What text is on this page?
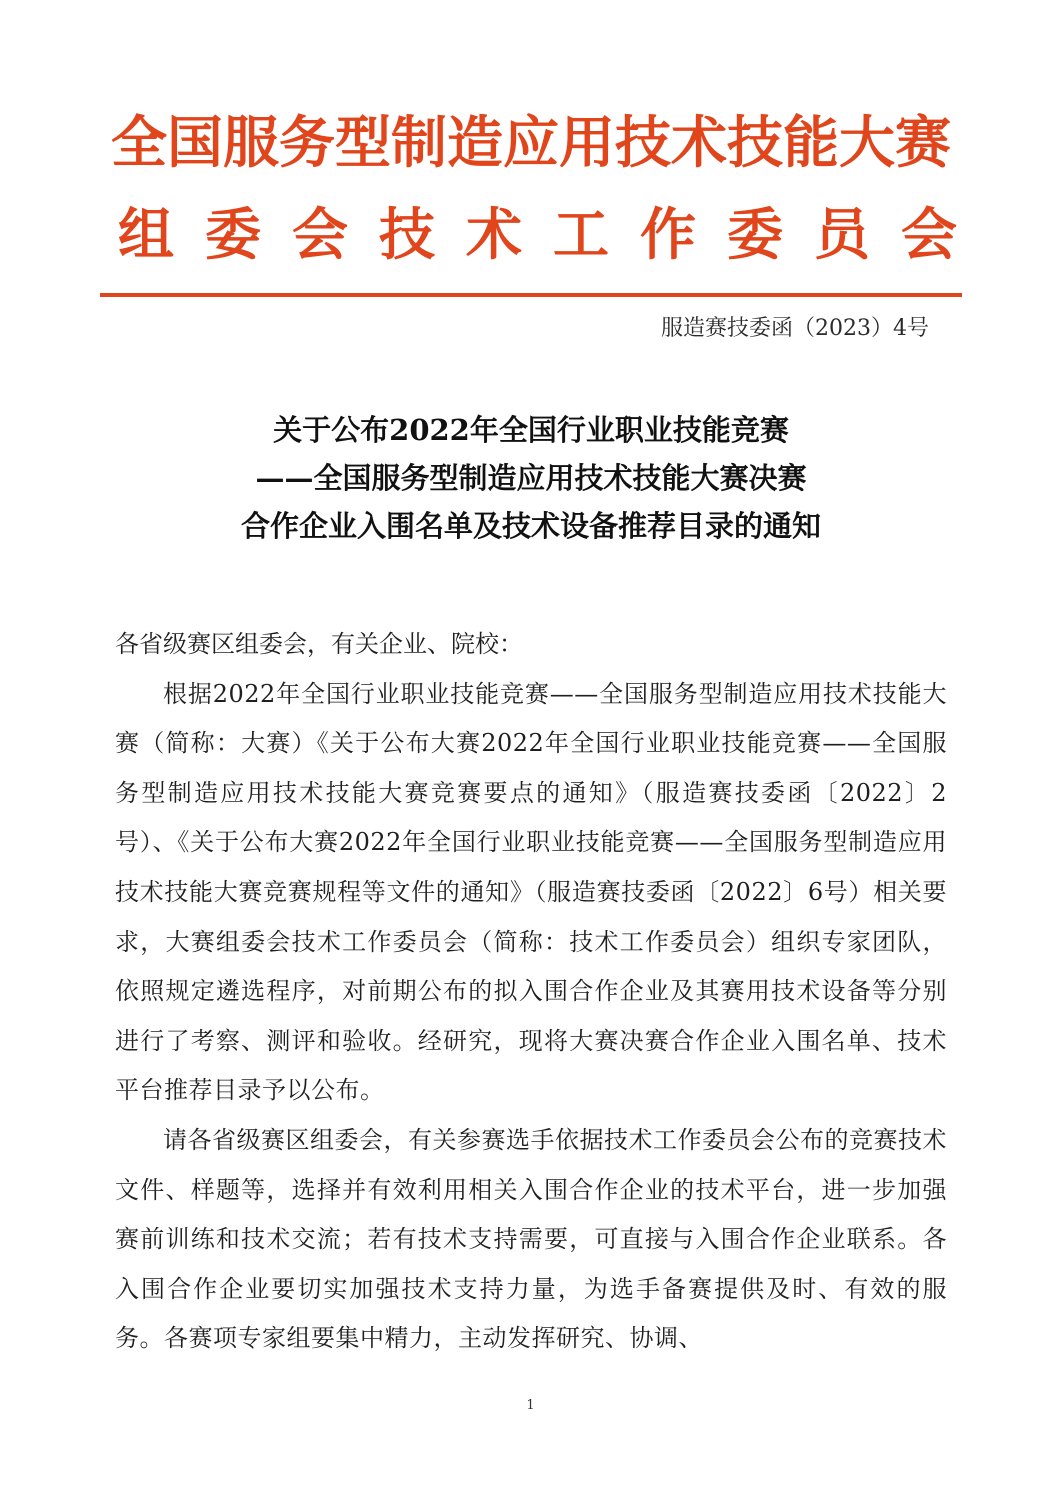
全国服务型制造应用技术技能大赛
组委会技术工作委员会
服造赛技委函（2023）4号
关于公布2022年全国行业职业技能竞赛
——全国服务型制造应用技术技能大赛决赛
合作企业入围名单及技术设备推荐目录的通知

各省级赛区组委会，有关企业、院校：

根据2022年全国行业职业技能竞赛——全国服务型制造应用技术技能大赛（简称：大赛）《关于公布大赛2022年全国行业职业技能竞赛——全国服务型制造应用技术技能大赛竞赛要点的通知》（服造赛技委函〔2022〕2号）、《关于公布大赛2022年全国行业职业技能竞赛——全国服务型制造应用技术技能大赛竞赛规程等文件的通知》（服造赛技委函〔2022〕6号）相关要求，大赛组委会技术工作委员会（简称：技术工作委员会）组织专家团队，依照规定遴选程序，对前期公布的拟入围合作企业及其赛用技术设备等分别进行了考察、测评和验收。经研究，现将大赛决赛合作企业入围名单、技术平台推荐目录予以公布。

请各省级赛区组委会，有关参赛选手依据技术工作委员会公布的竞赛技术文件、样题等，选择并有效利用相关入围合作企业的技术平台，进一步加强赛前训练和技术交流；若有技术支持需要，可直接与入围合作企业联系。各入围合作企业要切实加强技术支持力量，为选手备赛提供及时、有效的服务。各赛项专家组要集中精力，主动发挥研究、协调、

1
